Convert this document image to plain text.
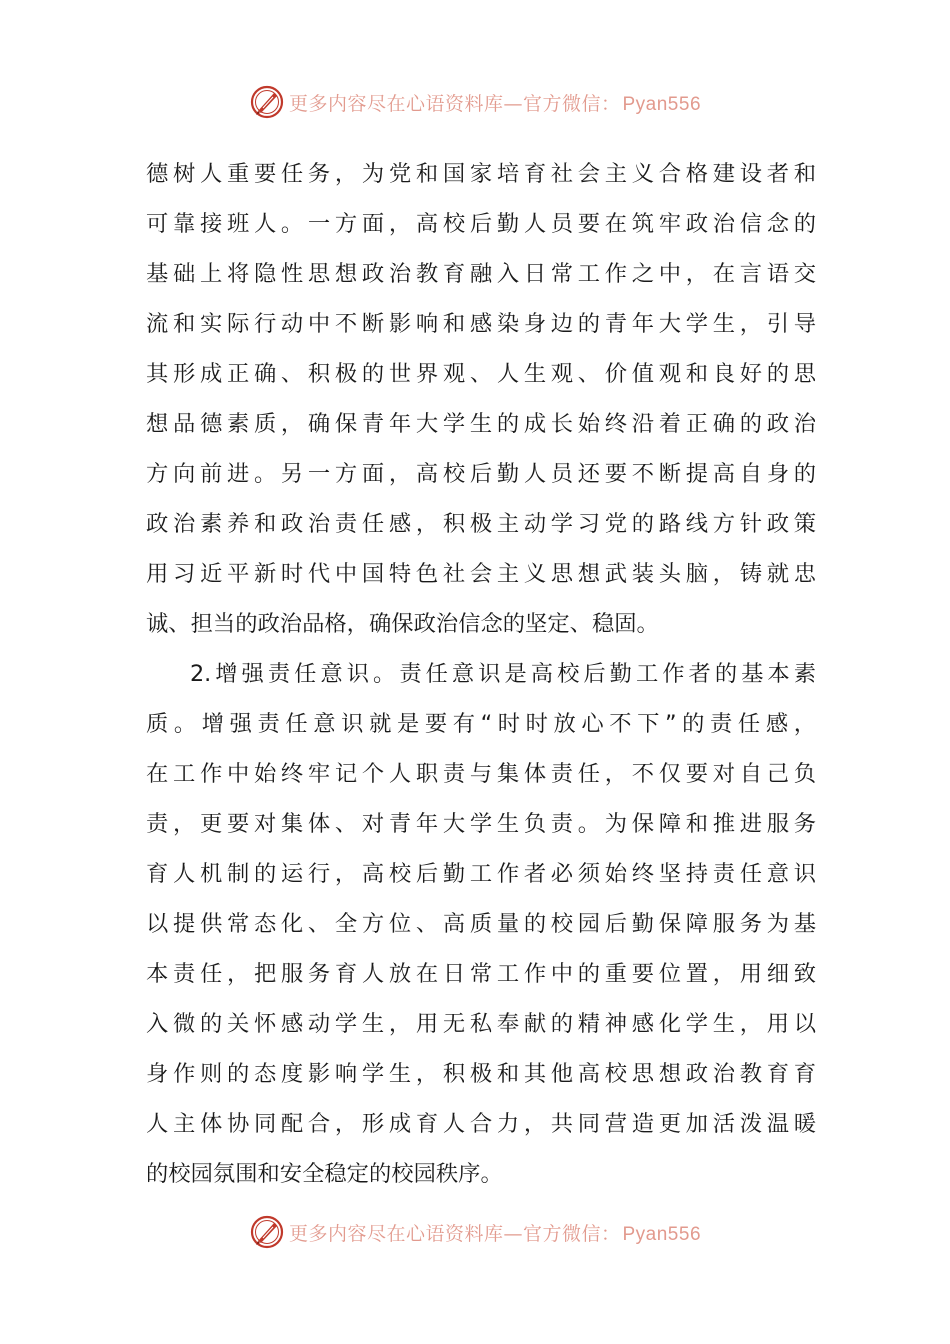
更多内容尽在心语资料库—官方微信： Pyan556
德树人重要任务，为党和国家培育社会主义合格建设者和
可靠接班人。一方面，高校后勤人员要在筑牢政治信念的
基础上将隐性思想政治教育融入日常工作之中，在言语交
流和实际行动中不断影响和感染身边的青年大学生，引导
其形成正确、积极的世界观、人生观、价值观和良好的思
想品德素质，确保青年大学生的成长始终沿着正确的政治
方向前进。另一方面，高校后勤人员还要不断提高自身的
政治素养和政治责任感，积极主动学习党的路线方针政策
用习近平新时代中国特色社会主义思想武装头脑，铸就忠
诚、担当的政治品格，确保政治信念的坚定、稳固。
2.增强责任意识。责任意识是高校后勤工作者的基本素
质。增强责任意识就是要有“时时放心不下”的责任感，
在工作中始终牢记个人职责与集体责任，不仅要对自己负
责，更要对集体、对青年大学生负责。为保障和推进服务
育人机制的运行，高校后勤工作者必须始终坚持责任意识
以提供常态化、全方位、高质量的校园后勤保障服务为基
本责任，把服务育人放在日常工作中的重要位置，用细致
入微的关怀感动学生，用无私奉献的精神感化学生，用以
身作则的态度影响学生，积极和其他高校思想政治教育育
人主体协同配合，形成育人合力，共同营造更加活泼温暖
的校园氛围和安全稳定的校园秩序。
更多内容尽在心语资料库—官方微信： Pyan556
